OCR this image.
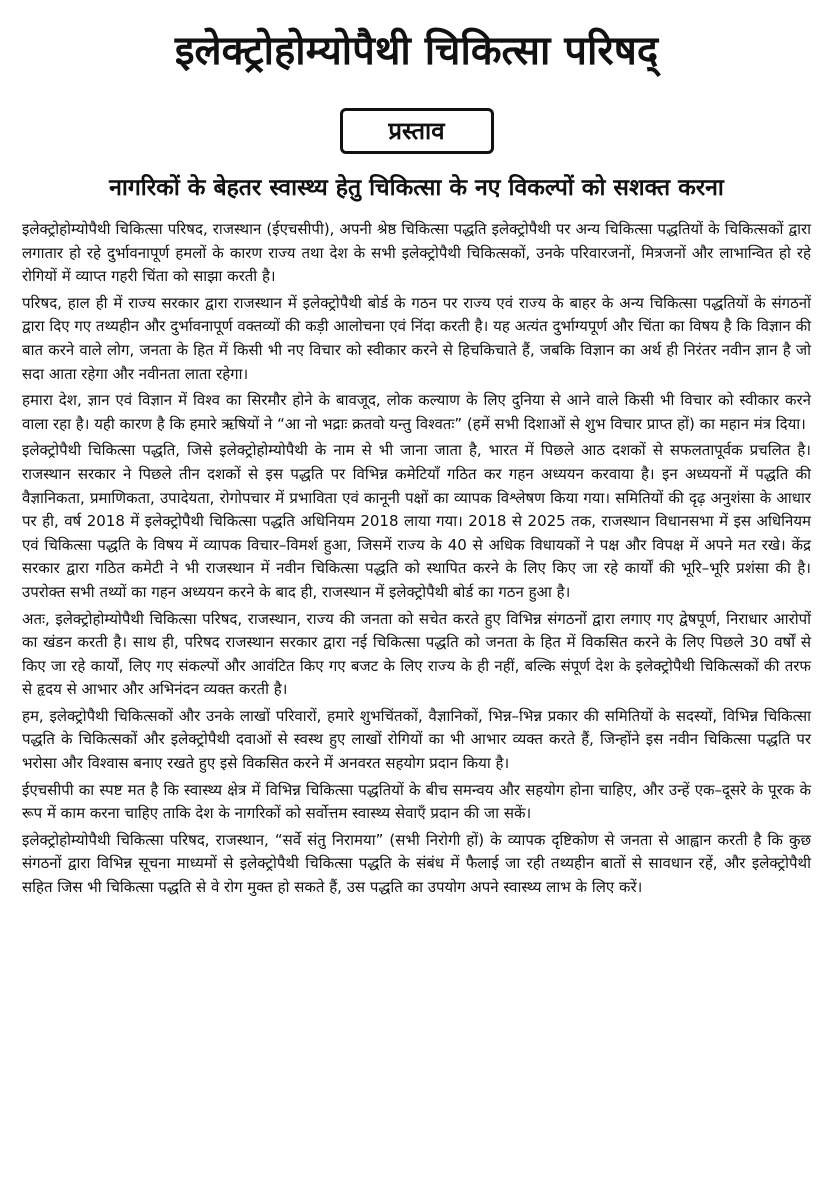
इलेक्ट्रोहोम्योपैथी चिकित्सा परिषद्
प्रस्ताव
नागरिकों के बेहतर स्वास्थ्य हेतु चिकित्सा के नए विकल्पों को सशक्त करना

इलेक्ट्रोहोम्योपैथी चिकित्सा परिषद, राजस्थान (ईएचसीपी), अपनी श्रेष्ठ चिकित्सा पद्धति इलेक्ट्रोपैथी पर अन्य चिकित्सा पद्धतियों के चिकित्सकों द्वारा लगातार हो रहे दुर्भावनापूर्ण हमलों के कारण राज्य तथा देश के सभी इलेक्ट्रोपैथी चिकित्सकों, उनके परिवारजनों, मित्रजनों और लाभान्वित हो रहे रोगियों में व्याप्त गहरी चिंता को साझा करती है।

परिषद, हाल ही में राज्य सरकार द्वारा राजस्थान में इलेक्ट्रोपैथी बोर्ड के गठन पर राज्य एवं राज्य के बाहर के अन्य चिकित्सा पद्धतियों के संगठनों द्वारा दिए गए तथ्यहीन और दुर्भावनापूर्ण वक्तव्यों की कड़ी आलोचना एवं निंदा करती है। यह अत्यंत दुर्भाग्यपूर्ण और चिंता का विषय है कि विज्ञान की बात करने वाले लोग, जनता के हित में किसी भी नए विचार को स्वीकार करने से हिचकिचाते हैं, जबकि विज्ञान का अर्थ ही निरंतर नवीन ज्ञान है जो सदा आता रहेगा और नवीनता लाता रहेगा।

हमारा देश, ज्ञान एवं विज्ञान में विश्व का सिरमौर होने के बावजूद, लोक कल्याण के लिए दुनिया से आने वाले किसी भी विचार को स्वीकार करने वाला रहा है। यही कारण है कि हमारे ऋषियों ने “आ नो भद्राः क्रतवो यन्तु विश्वतः” (हमें सभी दिशाओं से शुभ विचार प्राप्त हों) का महान मंत्र दिया।

इलेक्ट्रोपैथी चिकित्सा पद्धति, जिसे इलेक्ट्रोहोम्योपैथी के नाम से भी जाना जाता है, भारत में पिछले आठ दशकों से सफलतापूर्वक प्रचलित है। राजस्थान सरकार ने पिछले तीन दशकों से इस पद्धति पर विभिन्न कमेटियाँ गठित कर गहन अध्ययन करवाया है। इन अध्ययनों में पद्धति की वैज्ञानिकता, प्रमाणिकता, उपादेयता, रोगोपचार में प्रभाविता एवं कानूनी पक्षों का व्यापक विश्लेषण किया गया। समितियों की दृढ़ अनुशंसा के आधार पर ही, वर्ष 2018 में इलेक्ट्रोपैथी चिकित्सा पद्धति अधिनियम 2018 लाया गया। 2018 से 2025 तक, राजस्थान विधानसभा में इस अधिनियम एवं चिकित्सा पद्धति के विषय में व्यापक विचार–विमर्श हुआ, जिसमें राज्य के 40 से अधिक विधायकों ने पक्ष और विपक्ष में अपने मत रखे। केंद्र सरकार द्वारा गठित कमेटी ने भी राजस्थान में नवीन चिकित्सा पद्धति को स्थापित करने के लिए किए जा रहे कार्यों की भूरि–भूरि प्रशंसा की है। उपरोक्त सभी तथ्यों का गहन अध्ययन करने के बाद ही, राजस्थान में इलेक्ट्रोपैथी बोर्ड का गठन हुआ है।

अतः, इलेक्ट्रोहोम्योपैथी चिकित्सा परिषद, राजस्थान, राज्य की जनता को सचेत करते हुए विभिन्न संगठनों द्वारा लगाए गए द्वेषपूर्ण, निराधार आरोपों का खंडन करती है। साथ ही, परिषद राजस्थान सरकार द्वारा नई चिकित्सा पद्धति को जनता के हित में विकसित करने के लिए पिछले 30 वर्षों से किए जा रहे कार्यों, लिए गए संकल्पों और आवंटित किए गए बजट के लिए राज्य के ही नहीं, बल्कि संपूर्ण देश के इलेक्ट्रोपैथी चिकित्सकों की तरफ से हृदय से आभार और अभिनंदन व्यक्त करती है।

हम, इलेक्ट्रोपैथी चिकित्सकों और उनके लाखों परिवारों, हमारे शुभचिंतकों, वैज्ञानिकों, भिन्न–भिन्न प्रकार की समितियों के सदस्यों, विभिन्न चिकित्सा पद्धति के चिकित्सकों और इलेक्ट्रोपैथी दवाओं से स्वस्थ हुए लाखों रोगियों का भी आभार व्यक्त करते हैं, जिन्होंने इस नवीन चिकित्सा पद्धति पर भरोसा और विश्वास बनाए रखते हुए इसे विकसित करने में अनवरत सहयोग प्रदान किया है।

ईएचसीपी का स्पष्ट मत है कि स्वास्थ्य क्षेत्र में विभिन्न चिकित्सा पद्धतियों के बीच समन्वय और सहयोग होना चाहिए, और उन्हें एक–दूसरे के पूरक के रूप में काम करना चाहिए ताकि देश के नागरिकों को सर्वोत्तम स्वास्थ्य सेवाएँ प्रदान की जा सकें।

इलेक्ट्रोहोम्योपैथी चिकित्सा परिषद, राजस्थान, “सर्वे संतु निरामया” (सभी निरोगी हों) के व्यापक दृष्टिकोण से जनता से आह्वान करती है कि कुछ संगठनों द्वारा विभिन्न सूचना माध्यमों से इलेक्ट्रोपैथी चिकित्सा पद्धति के संबंध में फैलाई जा रही तथ्यहीन बातों से सावधान रहें, और इलेक्ट्रोपैथी सहित जिस भी चिकित्सा पद्धति से वे रोग मुक्त हो सकते हैं, उस पद्धति का उपयोग अपने स्वास्थ्य लाभ के लिए करें।
